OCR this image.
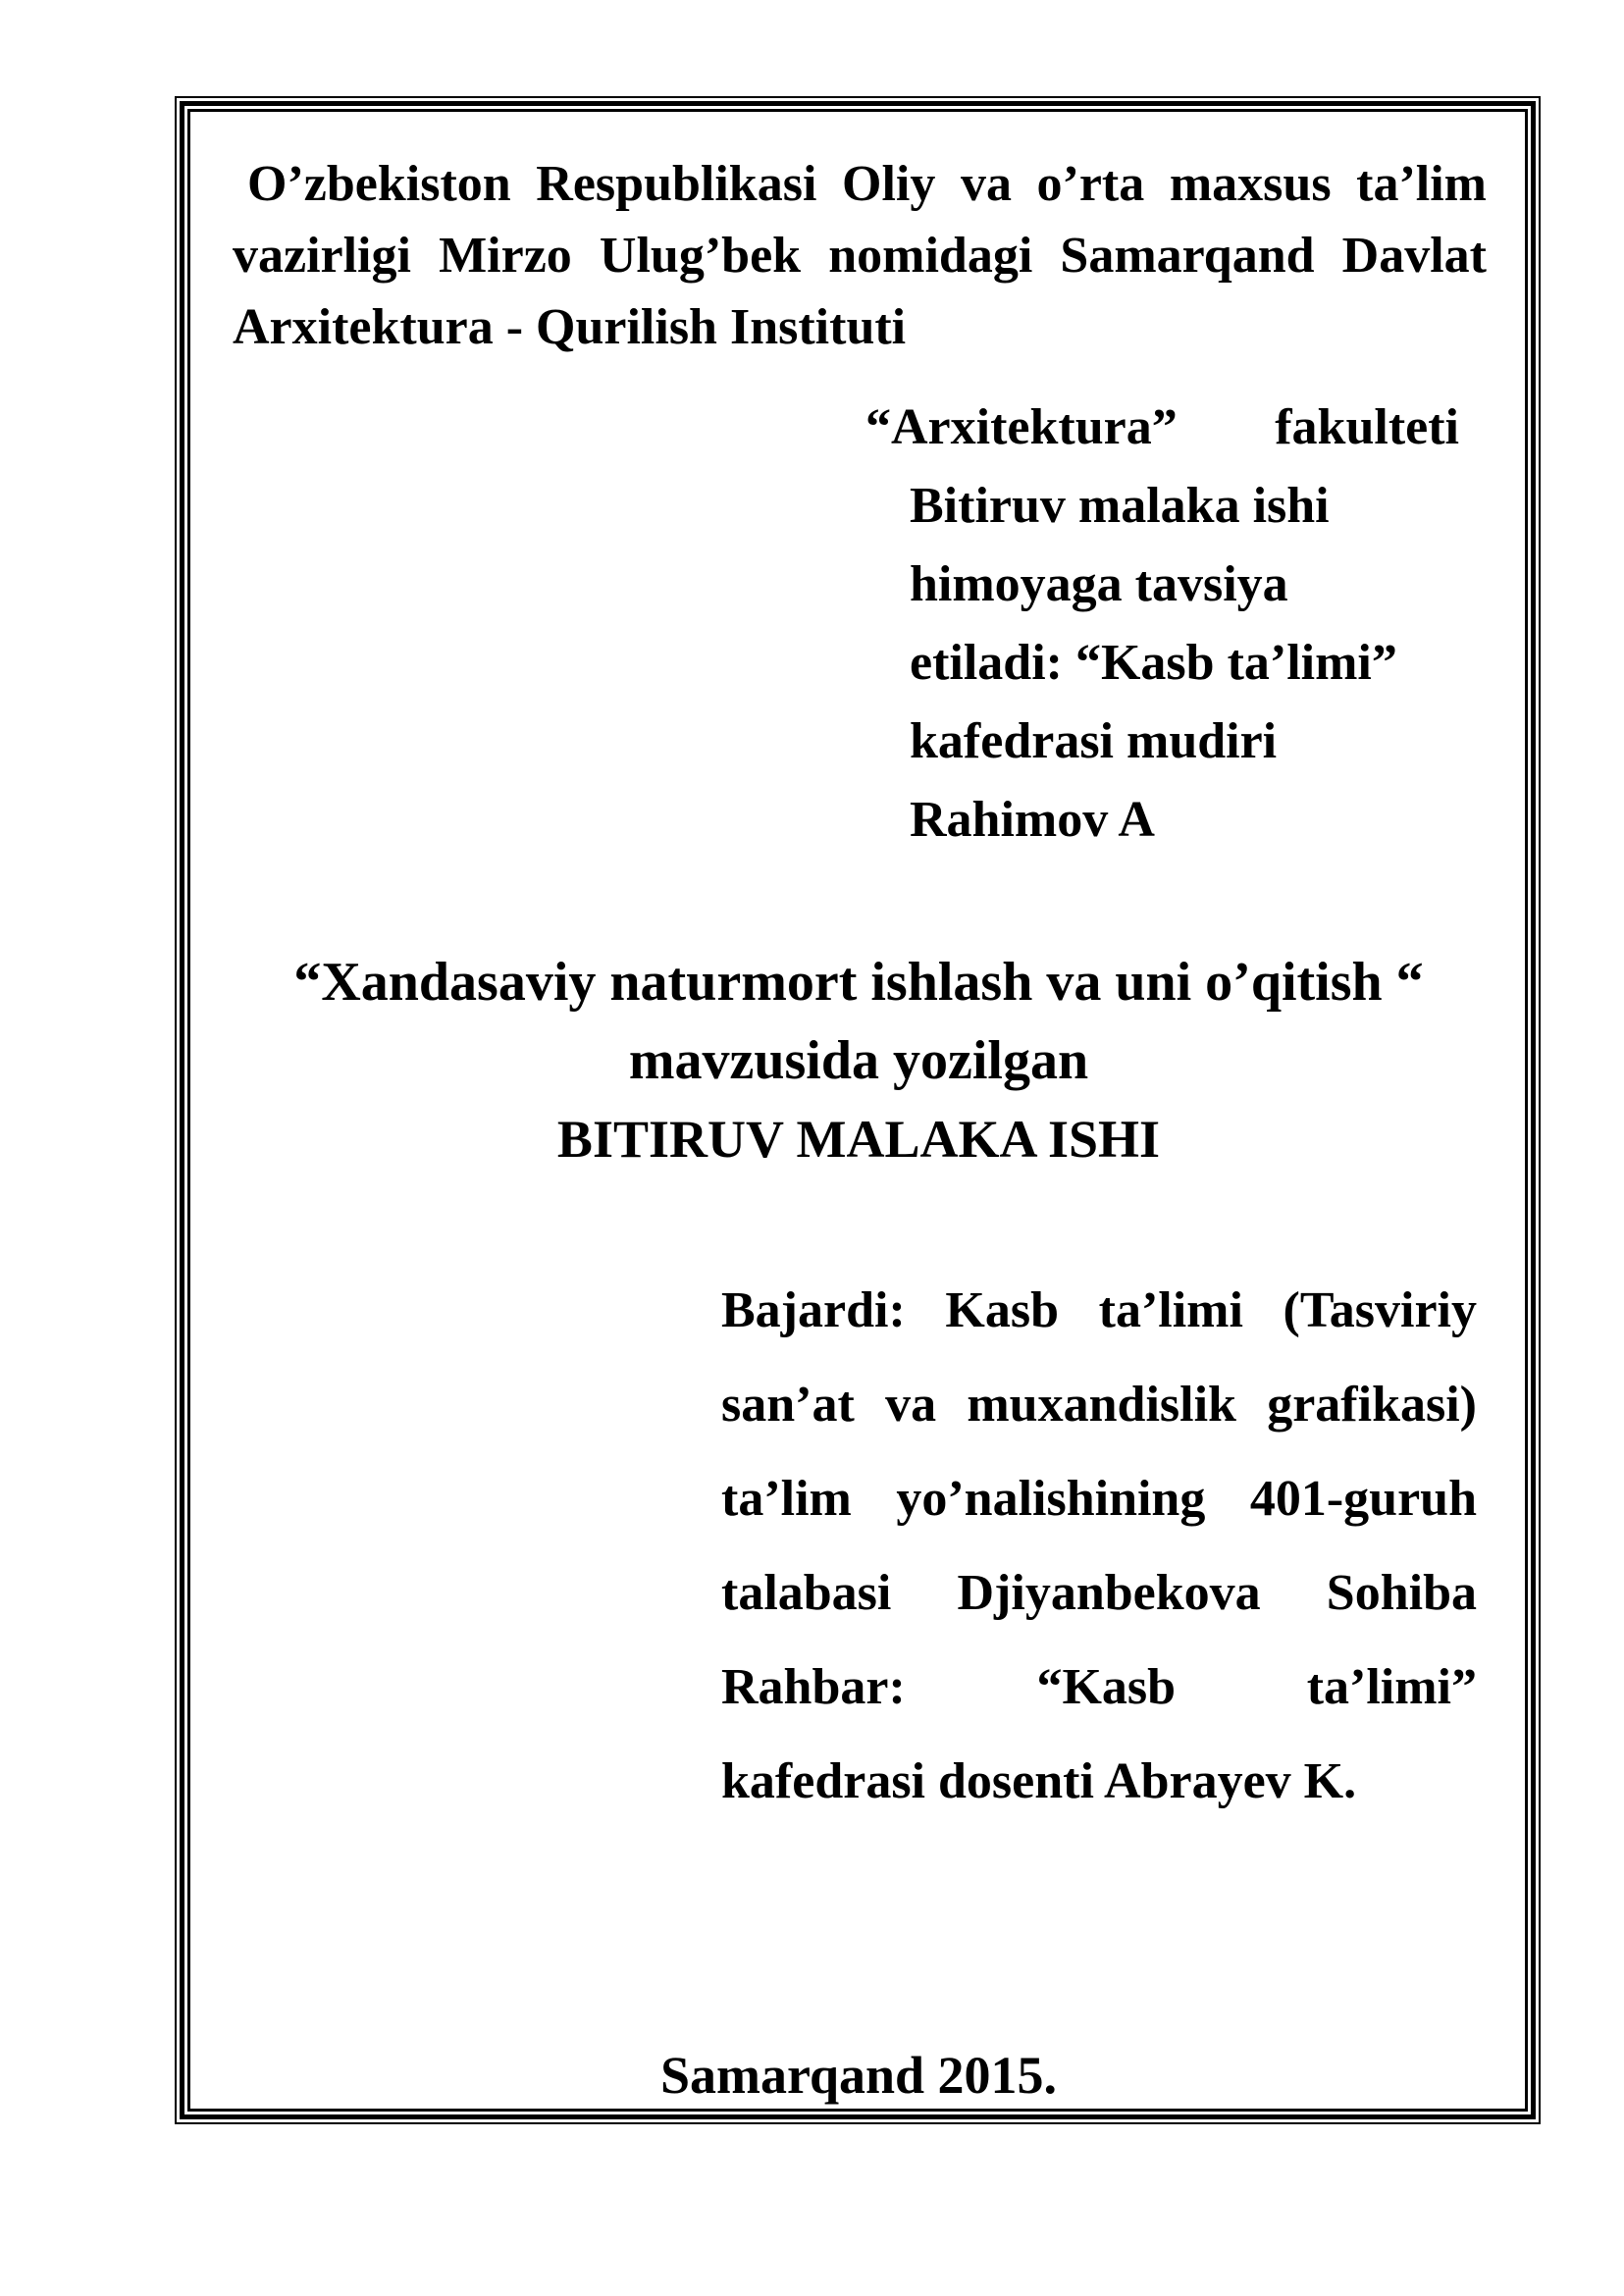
O’zbekiston Respublikasi Oliy va o’rta maxsus ta’lim
vazirligi Mirzo Ulug’bek nomidagi Samarqand Davlat
Arxitektura - Qurilish Instituti
“Arxitektura” fakulteti
Bitiruv malaka ishi
himoyaga tavsiya
etiladi: “Kasb ta’limi”
kafedrasi mudiri
Rahimov A
“Xandasaviy naturmort ishlash va uni o’qitish “
mavzusida yozilgan
BITIRUV MALAKA ISHI
Bajardi: Kasb ta’limi (Tasviriy
san’at va muxandislik grafikasi)
ta’lim yo’nalishining 401-guruh
talabasi Djiyanbekova Sohiba
Rahbar: “Kasb ta’limi”
kafedrasi dosenti Abrayev K.
Samarqand 2015.
